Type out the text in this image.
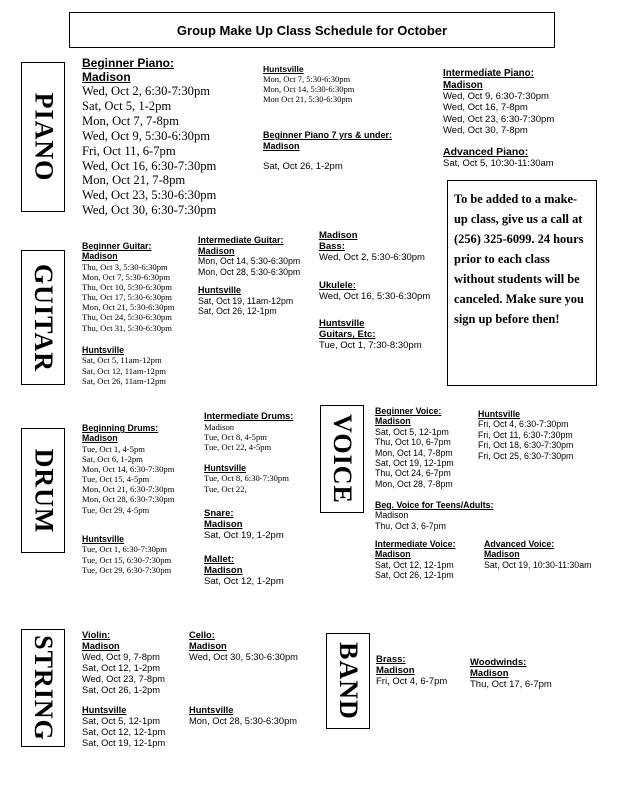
Group Make Up Class Schedule for October
PIANO
GUITAR
DRUM	VOICE
STRING	BAND
To be added to a make-up class, give us a call at (256) 325-6099. 24 hours prior to each class without students will be canceled. Make sure you sign up before then!
Beginner Piano:
Madison
Wed, Oct 2, 6:30-7:30pm
Sat, Oct 5, 1-2pm
Mon, Oct 7, 7-8pm
Wed, Oct 9, 5:30-6:30pm
Fri, Oct 11, 6-7pm
Wed, Oct 16, 6:30-7:30pm
Mon, Oct 21, 7-8pm
Wed, Oct 23, 5:30-6:30pm
Wed, Oct 30, 6:30-7:30pm
Huntsville
Mon, Oct 7, 5:30-6:30pm
Mon, Oct 14, 5:30-6:30pm
Mon Oct 21, 5:30-6:30pm
Beginner Piano 7 yrs & under:
Madison
Sat, Oct 26, 1-2pm
Intermediate Piano:
Madison
Wed, Oct 9, 6:30-7:30pm
Wed, Oct 16, 7-8pm
Wed, Oct 23, 6:30-7:30pm
Wed, Oct 30, 7-8pm
Advanced Piano:
Sat, Oct 5, 10:30-11:30am
Beginner Guitar:
Madison
Thu, Oct 3, 5:30-6:30pm
Mon, Oct 7, 5:30-6:30pm
Thu, Oct 10, 5:30-6:30pm
Thu, Oct 17, 5:30-6:30pm
Mon, Oct 21, 5:30-6:30pm
Thu, Oct 24, 5:30-6:30pm
Thu, Oct 31, 5:30-6:30pm
Huntsville
Sat, Oct 5, 11am-12pm
Sat, Oct 12, 11am-12pm
Sat, Oct 26, 11am-12pm
Intermediate Guitar:
Madison
Mon, Oct 14, 5:30-6:30pm
Mon, Oct 28, 5:30-6:30pm
Huntsville
Sat, Oct 19, 11am-12pm
Sat, Oct 26, 12-1pm
Madison
Bass:
Wed, Oct 2, 5:30-6:30pm
Ukulele:
Wed, Oct 16, 5:30-6:30pm
Huntsville
Guitars, Etc:
Tue, Oct 1, 7:30-8:30pm
Beginning Drums:
Madison
Tue, Oct 1, 4-5pm
Sat, Oct 6, 1-2pm
Mon, Oct 14, 6:30-7:30pm
Tue, Oct 15, 4-5pm
Mon, Oct 21, 6:30-7:30pm
Mon, Oct 28, 6:30-7:30pm
Tue, Oct 29, 4-5pm
Huntsville
Tue, Oct 1, 6:30-7:30pm
Tue, Oct 15, 6:30-7:30pm
Tue, Oct 29, 6:30-7:30pm
Intermediate Drums:
Madison
Tue, Oct 8, 4-5pm
Tue, Oct 22, 4-5pm
Huntsville
Tue, Oct 8, 6:30-7:30pm
Tue, Oct 22,
Snare:
Madison
Sat, Oct 19, 1-2pm
Mallet:
Madison
Sat, Oct 12, 1-2pm
Beginner Voice:
Madison
Sat, Oct 5, 12-1pm
Thu, Oct 10, 6-7pm
Mon, Oct 14, 7-8pm
Sat, Oct 19, 12-1pm
Thu, Oct 24, 6-7pm
Mon, Oct 28, 7-8pm
Huntsville
Fri, Oct 4, 6:30-7:30pm
Fri, Oct 11, 6:30-7:30pm
Fri, Oct 18, 6:30-7:30pm
Fri, Oct 25, 6:30-7:30pm
Beg. Voice for Teens/Adults:
Madison
Thu, Oct 3, 6-7pm
Intermediate Voice:
Madison
Sat, Oct 12, 12-1pm
Sat, Oct 26, 12-1pm
Advanced Voice:
Madison
Sat, Oct 19, 10:30-11:30am
Violin:
Madison
Wed, Oct 9, 7-8pm
Sat, Oct 12, 1-2pm
Wed, Oct 23, 7-8pm
Sat, Oct 26, 1-2pm
Huntsville
Sat, Oct 5, 12-1pm
Sat, Oct 12, 12-1pm
Sat, Oct 19, 12-1pm
Cello:
Madison
Wed, Oct 30, 5:30-6:30pm
Huntsville
Mon, Oct 28, 5:30-6:30pm
Brass:
Madison
Fri, Oct 4, 6-7pm
Woodwinds:
Madison
Thu, Oct 17, 6-7pm
